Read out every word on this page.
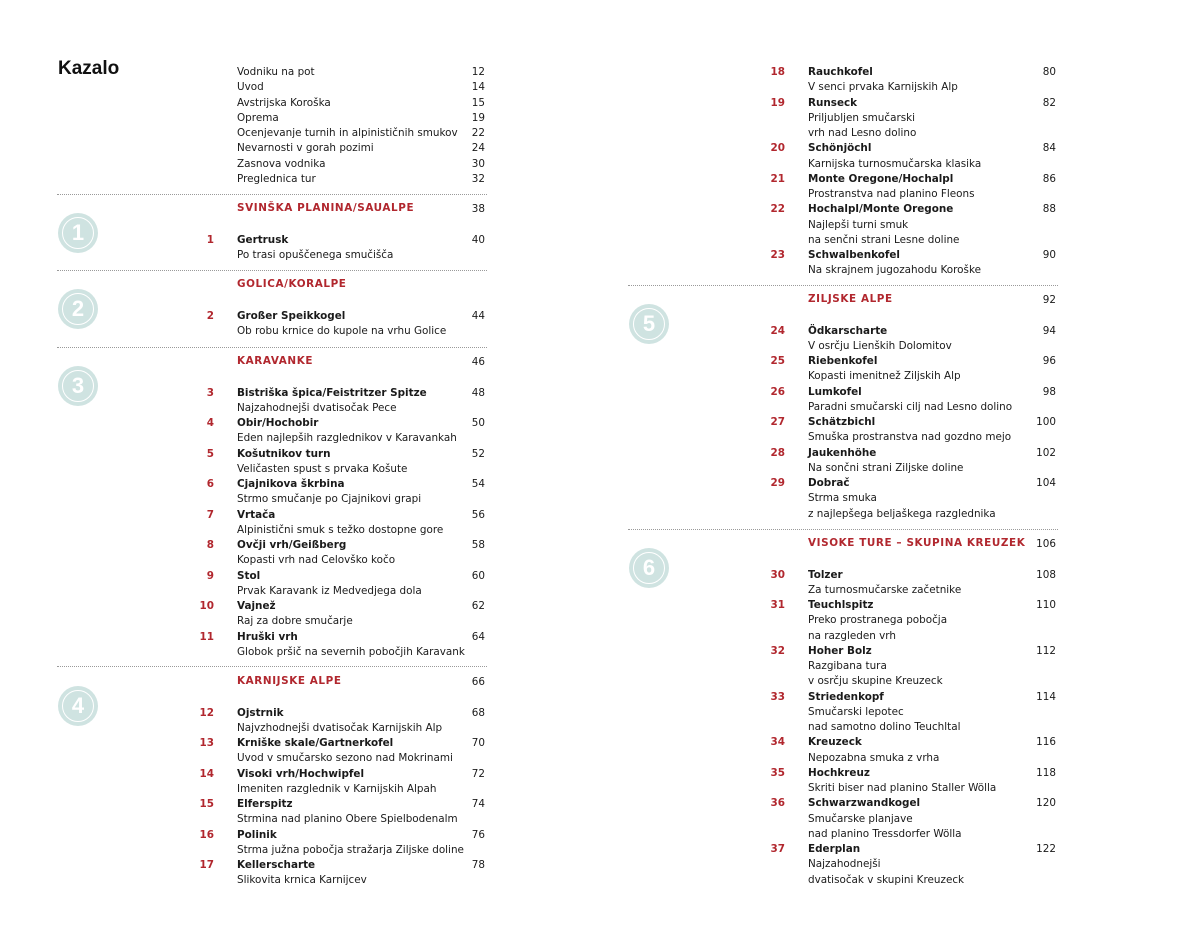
Kazalo	Vodniku na pot	12
Uvod	14
Avstrijska Koroška	15
Oprema	19
Ocenjevanje turnih in alpinističnih smukov	22
Nevarnosti v gorah pozimi	24
Zasnova vodnika	30
Preglednica tur	32
1
SVINŠKA PLANINA/SAUALPE	38
1 Gertrusk	40
Po trasi opuščenega smučišča
2
GOLICA/KORALPE
2 Großer Speikkogel	44
Ob robu krnice do kupole na vrhu Golice
3
KARAVANKE	46
3 Bistriška špica/Feistritzer Spitze	48
Najzahodnejši dvatisočak Pece
4 Obir/Hochobir	50
Eden najlepših razglednikov v Karavankah
5 Košutnikov turn	52
Veličasten spust s prvaka Košute
6 Cjajnikova škrbina	54
Strmo smučanje po Cjajnikovi grapi
7 Vrtača	56
Alpinistični smuk s težko dostopne gore
8 Ovčji vrh/Geißberg	58
Kopasti vrh nad Celovško kočo
9 Stol	60
Prvak Karavank iz Medvedjega dola
10 Vajnež	62
Raj za dobre smučarje
11 Hruški vrh	64
Globok pršič na severnih pobočjih Karavank
4
KARNIJSKE ALPE	66
12 Ojstrnik	68
Najvzhodnejši dvatisočak Karnijskih Alp
13 Krniške skale/Gartnerkofel	70
Uvod v smučarsko sezono nad Mokrinami
14 Visoki vrh/Hochwipfel	72
Imeniten razglednik v Karnijskih Alpah
15 Elferspitz	74
Strmina nad planino Obere Spielbodenalm
16 Polinik	76
Strma južna pobočja stražarja Ziljske doline
17 Kellerscharte	78
Slikovita krnica Karnijcev
18 Rauchkofel	80
V senci prvaka Karnijskih Alp
19 Runseck	82
Priljubljen smučarski
vrh nad Lesno dolino
20 Schönjöchl	84
Karnijska turnosmučarska klasika
21 Monte Oregone/Hochalpl	86
Prostranstva nad planino Fleons
22 Hochalpl/Monte Oregone	88
Najlepši turni smuk
na senčni strani Lesne doline
23 Schwalbenkofel	90
Na skrajnem jugozahodu Koroške
5
ZILJSKE ALPE	92
24 Ödkarscharte	94
V osrčju Lienških Dolomitov
25 Riebenkofel	96
Kopasti imenitnež Ziljskih Alp
26 Lumkofel	98
Paradni smučarski cilj nad Lesno dolino
27 Schätzbichl	100
Smuška prostranstva nad gozdno mejo
28 Jaukenhöhe	102
Na sončni strani Ziljske doline
29 Dobrač	104
Strma smuka
z najlepšega beljaškega razglednika
6
VISOKE TURE – SKUPINA KREUZEK	106
30 Tolzer	108
Za turnosmučarske začetnike
31 Teuchlspitz	110
Preko prostranega pobočja
na razgleden vrh
32 Hoher Bolz	112
Razgibana tura
v osrčju skupine Kreuzeck
33 Striedenkopf	114
Smučarski lepotec
nad samotno dolino Teuchltal
34 Kreuzeck	116
Nepozabna smuka z vrha
35 Hochkreuz	118
Skriti biser nad planino Staller Wölla
36 Schwarzwandkogel	120
Smučarske planjave
nad planino Tressdorfer Wölla
37 Ederplan	122
Najzahodnejši
dvatisočak v skupini Kreuzeck
